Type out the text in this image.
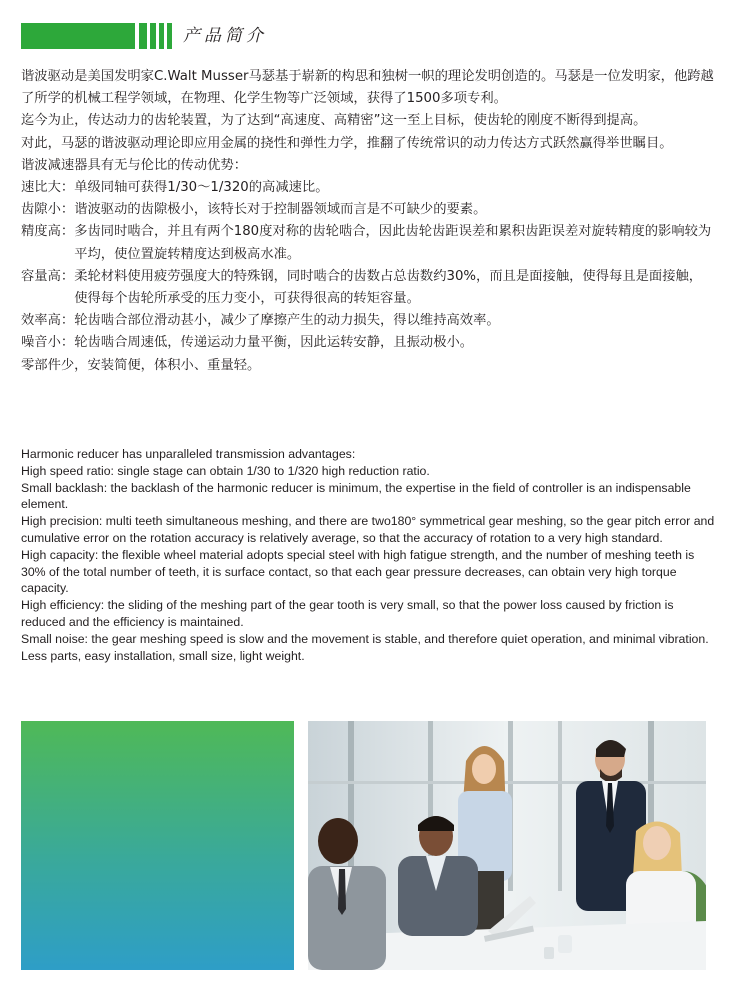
产品简介

谐波驱动是美国发明家C.Walt Musser马瑟基于崭新的构思和独树一帜的理论发明创造的。马瑟是一位发明家，他跨越了所学的机械工程学领域，在物理、化学生物等广泛领域，获得了1500多项专利。

迄今为止，传达动力的齿轮装置，为了达到“高速度、高精密”这一至上目标，使齿轮的刚度不断得到提高。

对此，马瑟的谐波驱动理论即应用金属的挠性和弹性力学，推翻了传统常识的动力传达方式跃然赢得举世瞩目。

谐波减速器具有无与伦比的传动优势：

速比大： 单级同轴可获得1/30～1/320的高减速比。
齿隙小： 谐波驱动的齿隙极小，该特长对于控制器领域而言是不可缺少的要素。
精度高： 多齿同时啮合，并且有两个180度对称的齿轮啮合，因此齿轮齿距误差和累积齿距误差对旋转精度的影响较为平均，使位置旋转精度达到极高水准。
容量高： 柔轮材料使用疲劳强度大的特殊钢，同时啮合的齿数占总齿数约30%，而且是面接触，使得每且是面接触，使得每个齿轮所承受的压力变小，可获得很高的转矩容量。
效率高： 轮齿啮合部位滑动甚小，减少了摩擦产生的动力损失，得以维持高效率。
噪音小： 轮齿啮合周速低，传递运动力量平衡，因此运转安静，且振动极小。

零部件少，安装简便，体积小、重量轻。

Harmonic reducer has unparalleled transmission advantages:

High speed ratio: single stage can obtain 1/30 to 1/320 high reduction ratio.

Small backlash: the backlash of the harmonic reducer is minimum, the expertise in the field of controller is an indispensable element.

High precision: multi teeth simultaneous meshing, and there are two180° symmetrical gear meshing, so the gear pitch error and cumulative error on the rotation accuracy is relatively average, so that the accuracy of rotation to a very high standard.

High capacity: the flexible wheel material adopts special steel with high fatigue strength, and the number of meshing teeth is 30% of the total number of teeth, it is surface contact, so that each gear pressure decreases, can obtain very high torque capacity.

High efficiency: the sliding of the meshing part of the gear tooth is very small, so that the power loss caused by friction is reduced and the efficiency is maintained.

Small noise: the gear meshing speed is slow and the movement is stable, and therefore quiet operation, and minimal vibration.

Less parts, easy installation, small size, light weight.
